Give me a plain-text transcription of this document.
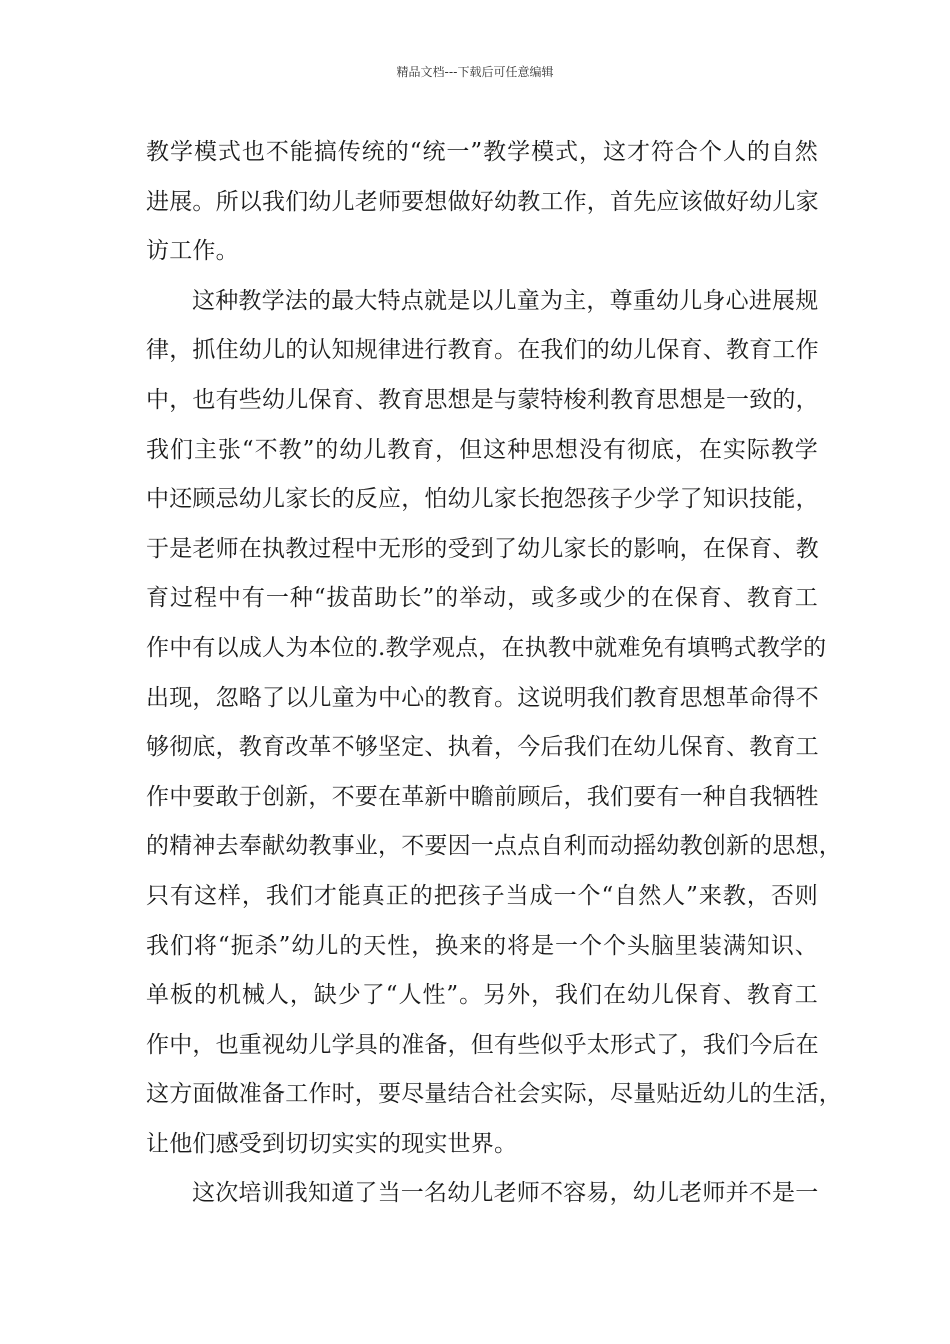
精品文档---下载后可任意编辑
教学模式也不能搞传统的“统一”教学模式，这才符合个人的自然
进展。所以我们幼儿老师要想做好幼教工作，首先应该做好幼儿家
访工作。
这种教学法的最大特点就是以儿童为主，尊重幼儿身心进展规
律，抓住幼儿的认知规律进行教育。在我们的幼儿保育、教育工作
中，也有些幼儿保育、教育思想是与蒙特梭利教育思想是一致的，
我们主张“不教”的幼儿教育，但这种思想没有彻底，在实际教学
中还顾忌幼儿家长的反应，怕幼儿家长抱怨孩子少学了知识技能，
于是老师在执教过程中无形的受到了幼儿家长的影响，在保育、教
育过程中有一种“拔苗助长”的举动，或多或少的在保育、教育工
作中有以成人为本位的.教学观点，在执教中就难免有填鸭式教学的
出现，忽略了以儿童为中心的教育。这说明我们教育思想革命得不
够彻底，教育改革不够坚定、执着，今后我们在幼儿保育、教育工
作中要敢于创新，不要在革新中瞻前顾后，我们要有一种自我牺牲
的精神去奉献幼教事业，不要因一点点自利而动摇幼教创新的思想，
只有这样，我们才能真正的把孩子当成一个“自然人”来教，否则
我们将“扼杀”幼儿的天性，换来的将是一个个头脑里装满知识、
单板的机械人，缺少了“人性”。另外，我们在幼儿保育、教育工
作中，也重视幼儿学具的准备，但有些似乎太形式了，我们今后在
这方面做准备工作时，要尽量结合社会实际，尽量贴近幼儿的生活，
让他们感受到切切实实的现实世界。
这次培训我知道了当一名幼儿老师不容易，幼儿老师并不是一
